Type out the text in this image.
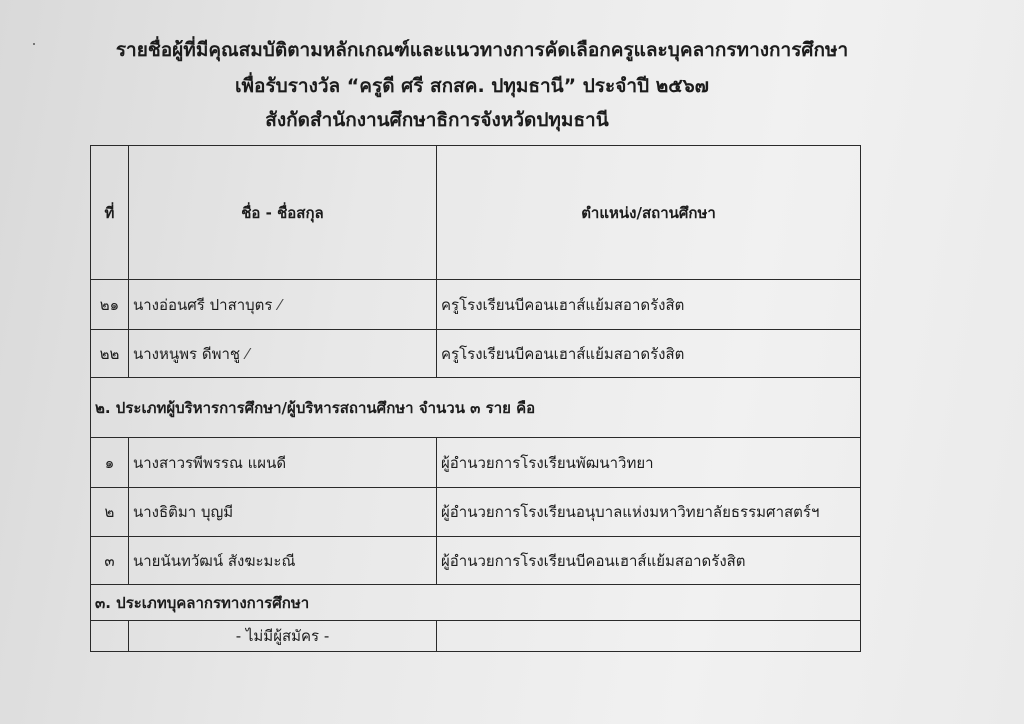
รายชื่อผู้ที่มีคุณสมบัติตามหลักเกณฑ์และแนวทางการคัดเลือกครูและบุคลากรทางการศึกษา
เพื่อรับรางวัล “ครูดี ศรี สกสค. ปทุมธานี” ประจำปี ๒๕๖๗
สังกัดสำนักงานศึกษาธิการจังหวัดปทุมธานี
ที่	ชื่อ - ชื่อสกุล	ตำแหน่ง/สถานศึกษา
๒๑	นางอ่อนศรี ปาสาบุตร ⁄	ครูโรงเรียนบีคอนเฮาส์แย้มสอาดรังสิต
๒๒	นางหนูพร ดีพาชู ⁄	ครูโรงเรียนบีคอนเฮาส์แย้มสอาดรังสิต
๒. ประเภทผู้บริหารการศึกษา/ผู้บริหารสถานศึกษา จำนวน ๓ ราย คือ		
๑	นางสาวรพีพรรณ แผนดี	ผู้อำนวยการโรงเรียนพัฒนาวิทยา
๒	นางธิติมา บุญมี	ผู้อำนวยการโรงเรียนอนุบาลแห่งมหาวิทยาลัยธรรมศาสตร์ฯ
๓	นายนันทวัฒน์ สังฆะมะณี	ผู้อำนวยการโรงเรียนบีคอนเฮาส์แย้มสอาดรังสิต
๓. ประเภทบุคลากรทางการศึกษา		
	- ไม่มีผู้สมัคร -	
